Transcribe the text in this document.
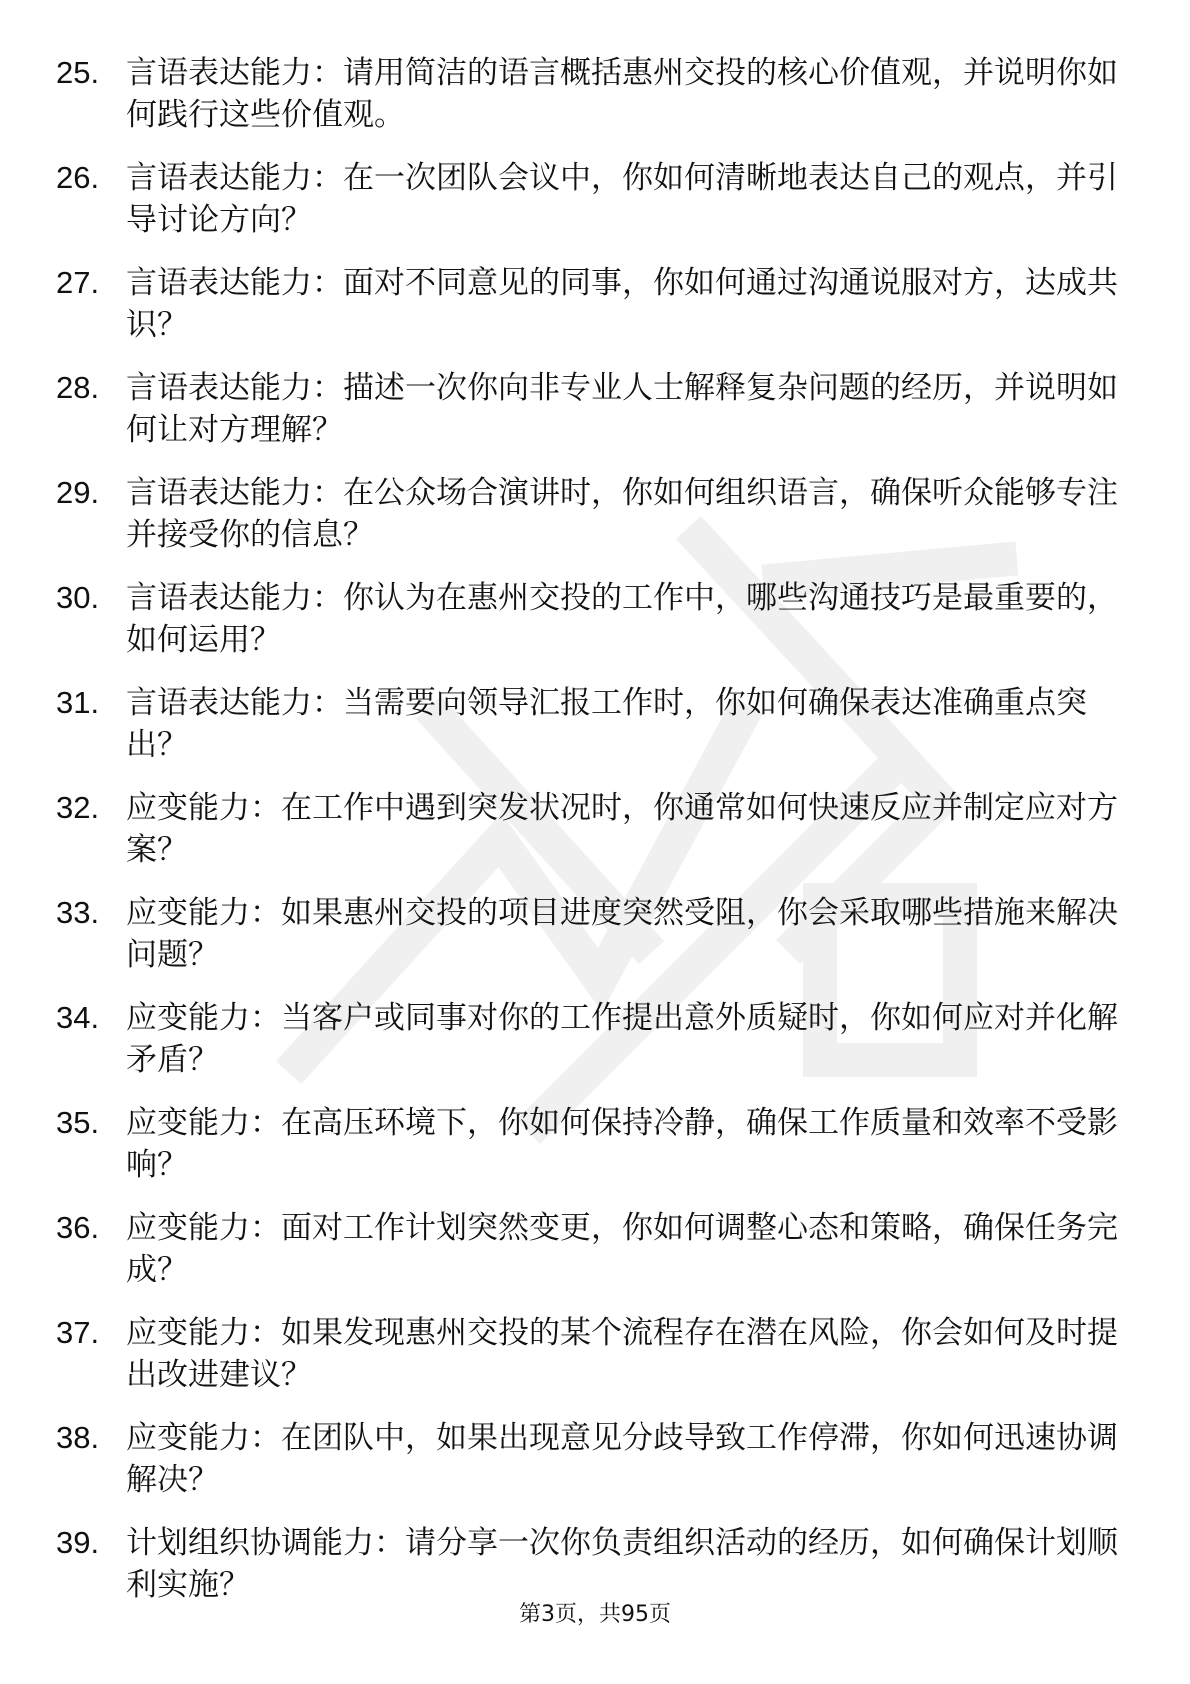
25. 言语表达能力：请用简洁的语言概括惠州交投的核心价值观，并说明你如何践行这些价值观。
26. 言语表达能力：在一次团队会议中，你如何清晰地表达自己的观点，并引导讨论方向？
27. 言语表达能力：面对不同意见的同事，你如何通过沟通说服对方，达成共识？
28. 言语表达能力：描述一次你向非专业人士解释复杂问题的经历，并说明如何让对方理解？
29. 言语表达能力：在公众场合演讲时，你如何组织语言，确保听众能够专注并接受你的信息？
30. 言语表达能力：你认为在惠州交投的工作中，哪些沟通技巧是最重要的，如何运用？
31. 言语表达能力：当需要向领导汇报工作时，你如何确保表达准确重点突出？
32. 应变能力：在工作中遇到突发状况时，你通常如何快速反应并制定应对方案？
33. 应变能力：如果惠州交投的项目进度突然受阻，你会采取哪些措施来解决问题？
34. 应变能力：当客户或同事对你的工作提出意外质疑时，你如何应对并化解矛盾？
35. 应变能力：在高压环境下，你如何保持冷静，确保工作质量和效率不受影响？
36. 应变能力：面对工作计划突然变更，你如何调整心态和策略，确保任务完成？
37. 应变能力：如果发现惠州交投的某个流程存在潜在风险，你会如何及时提出改进建议？
38. 应变能力：在团队中，如果出现意见分歧导致工作停滞，你如何迅速协调解决？
39. 计划组织协调能力：请分享一次你负责组织活动的经历，如何确保计划顺利实施？
第3页，共95页
